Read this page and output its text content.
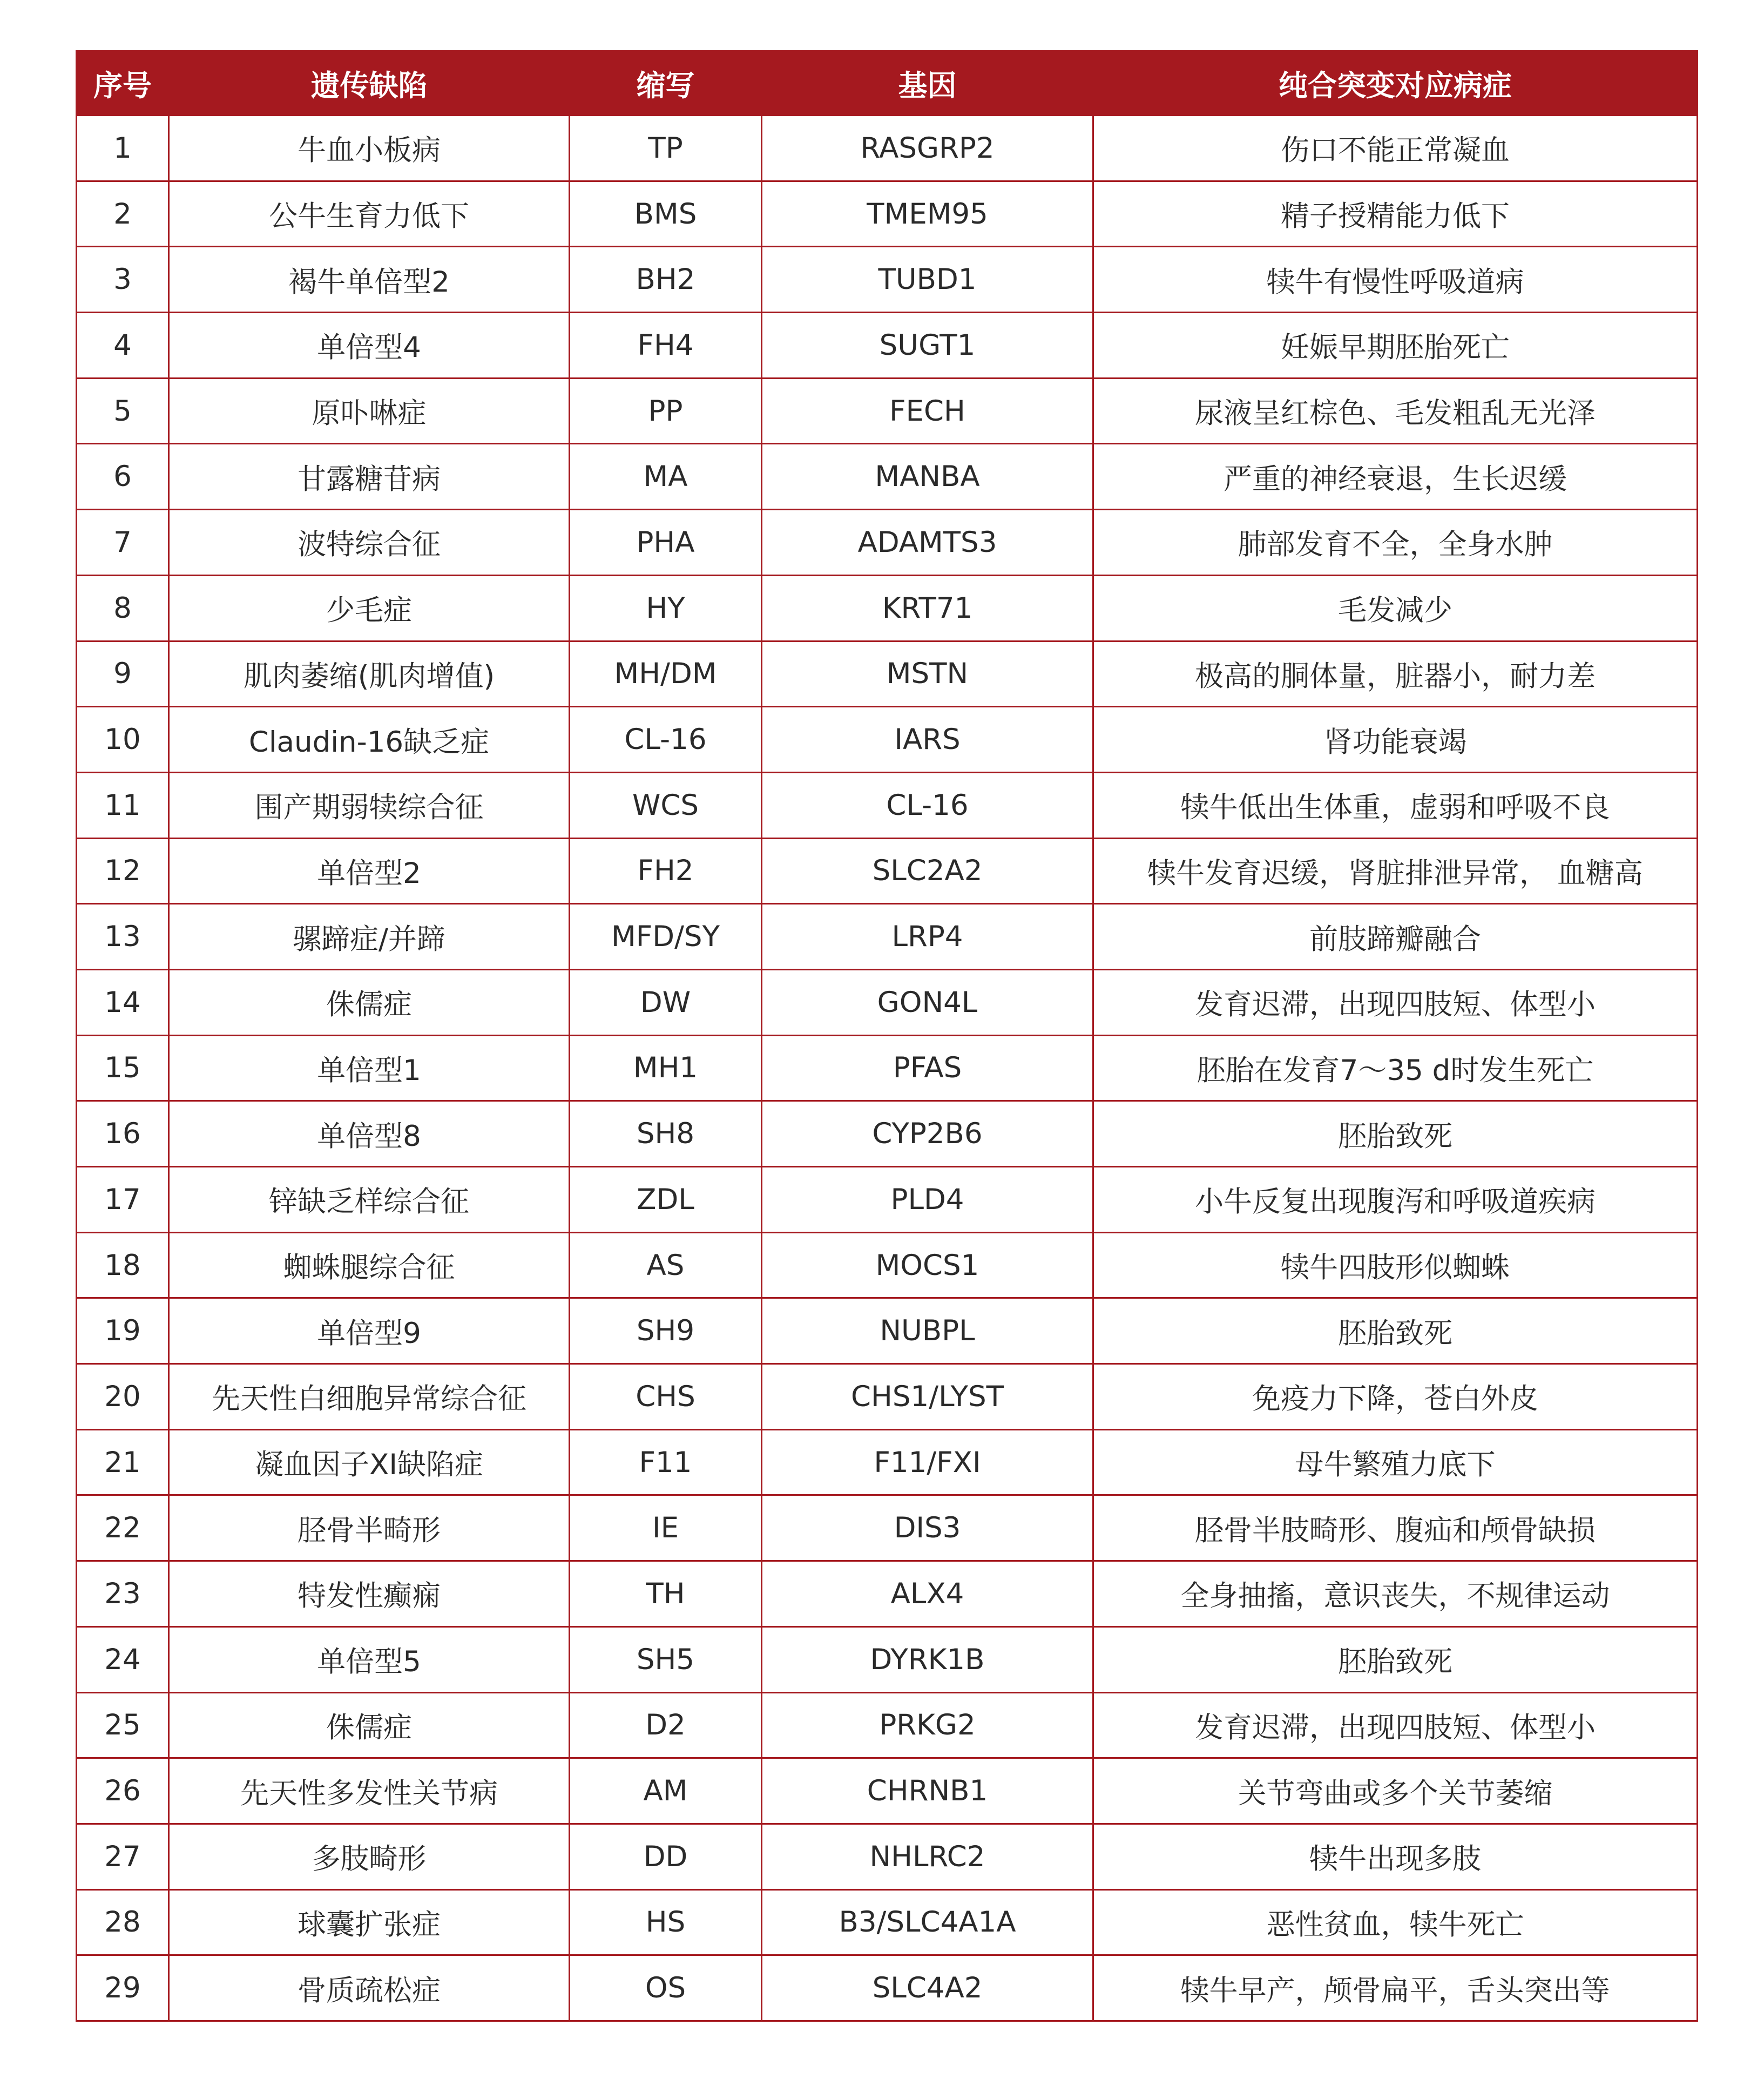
序号	遗传缺陷	缩写	基因	纯合突变对应病症
1	牛血小板病	TP	RASGRP2	伤口不能正常凝血
2	公牛生育力低下	BMS	TMEM95	精子授精能力低下
3	褐牛单倍型2	BH2	TUBD1	犊牛有慢性呼吸道病
4	单倍型4	FH4	SUGT1	妊娠早期胚胎死亡
5	原卟啉症	PP	FECH	尿液呈红棕色、毛发粗乱无光泽
6	甘露糖苷病	MA	MANBA	严重的神经衰退，生长迟缓
7	波特综合征	PHA	ADAMTS3	肺部发育不全，全身水肿
8	少毛症	HY	KRT71	毛发减少
9	肌肉萎缩(肌肉增值)	MH/DM	MSTN	极高的胴体量，脏器小，耐力差
10	Claudin-16缺乏症	CL-16	IARS	肾功能衰竭
11	围产期弱犊综合征	WCS	CL-16	犊牛低出生体重，虚弱和呼吸不良
12	单倍型2	FH2	SLC2A2	犊牛发育迟缓，肾脏排泄异常， 血糖高
13	骡蹄症/并蹄	MFD/SY	LRP4	前肢蹄瓣融合
14	侏儒症	DW	GON4L	发育迟滞，出现四肢短、体型小
15	单倍型1	MH1	PFAS	胚胎在发育7～35 d时发生死亡
16	单倍型8	SH8	CYP2B6	胚胎致死
17	锌缺乏样综合征	ZDL	PLD4	小牛反复出现腹泻和呼吸道疾病
18	蜘蛛腿综合征	AS	MOCS1	犊牛四肢形似蜘蛛
19	单倍型9	SH9	NUBPL	胚胎致死
20	先天性白细胞异常综合征	CHS	CHS1/LYST	免疫力下降，苍白外皮
21	凝血因子XI缺陷症	F11	F11/FXI	母牛繁殖力底下
22	胫骨半畸形	IE	DIS3	胫骨半肢畸形、腹疝和颅骨缺损
23	特发性癫痫	TH	ALX4	全身抽搐，意识丧失，不规律运动
24	单倍型5	SH5	DYRK1B	胚胎致死
25	侏儒症	D2	PRKG2	发育迟滞，出现四肢短、体型小
26	先天性多发性关节病	AM	CHRNB1	关节弯曲或多个关节萎缩
27	多肢畸形	DD	NHLRC2	犊牛出现多肢
28	球囊扩张症	HS	B3/SLC4A1A	恶性贫血，犊牛死亡
29	骨质疏松症	OS	SLC4A2	犊牛早产，颅骨扁平，舌头突出等
